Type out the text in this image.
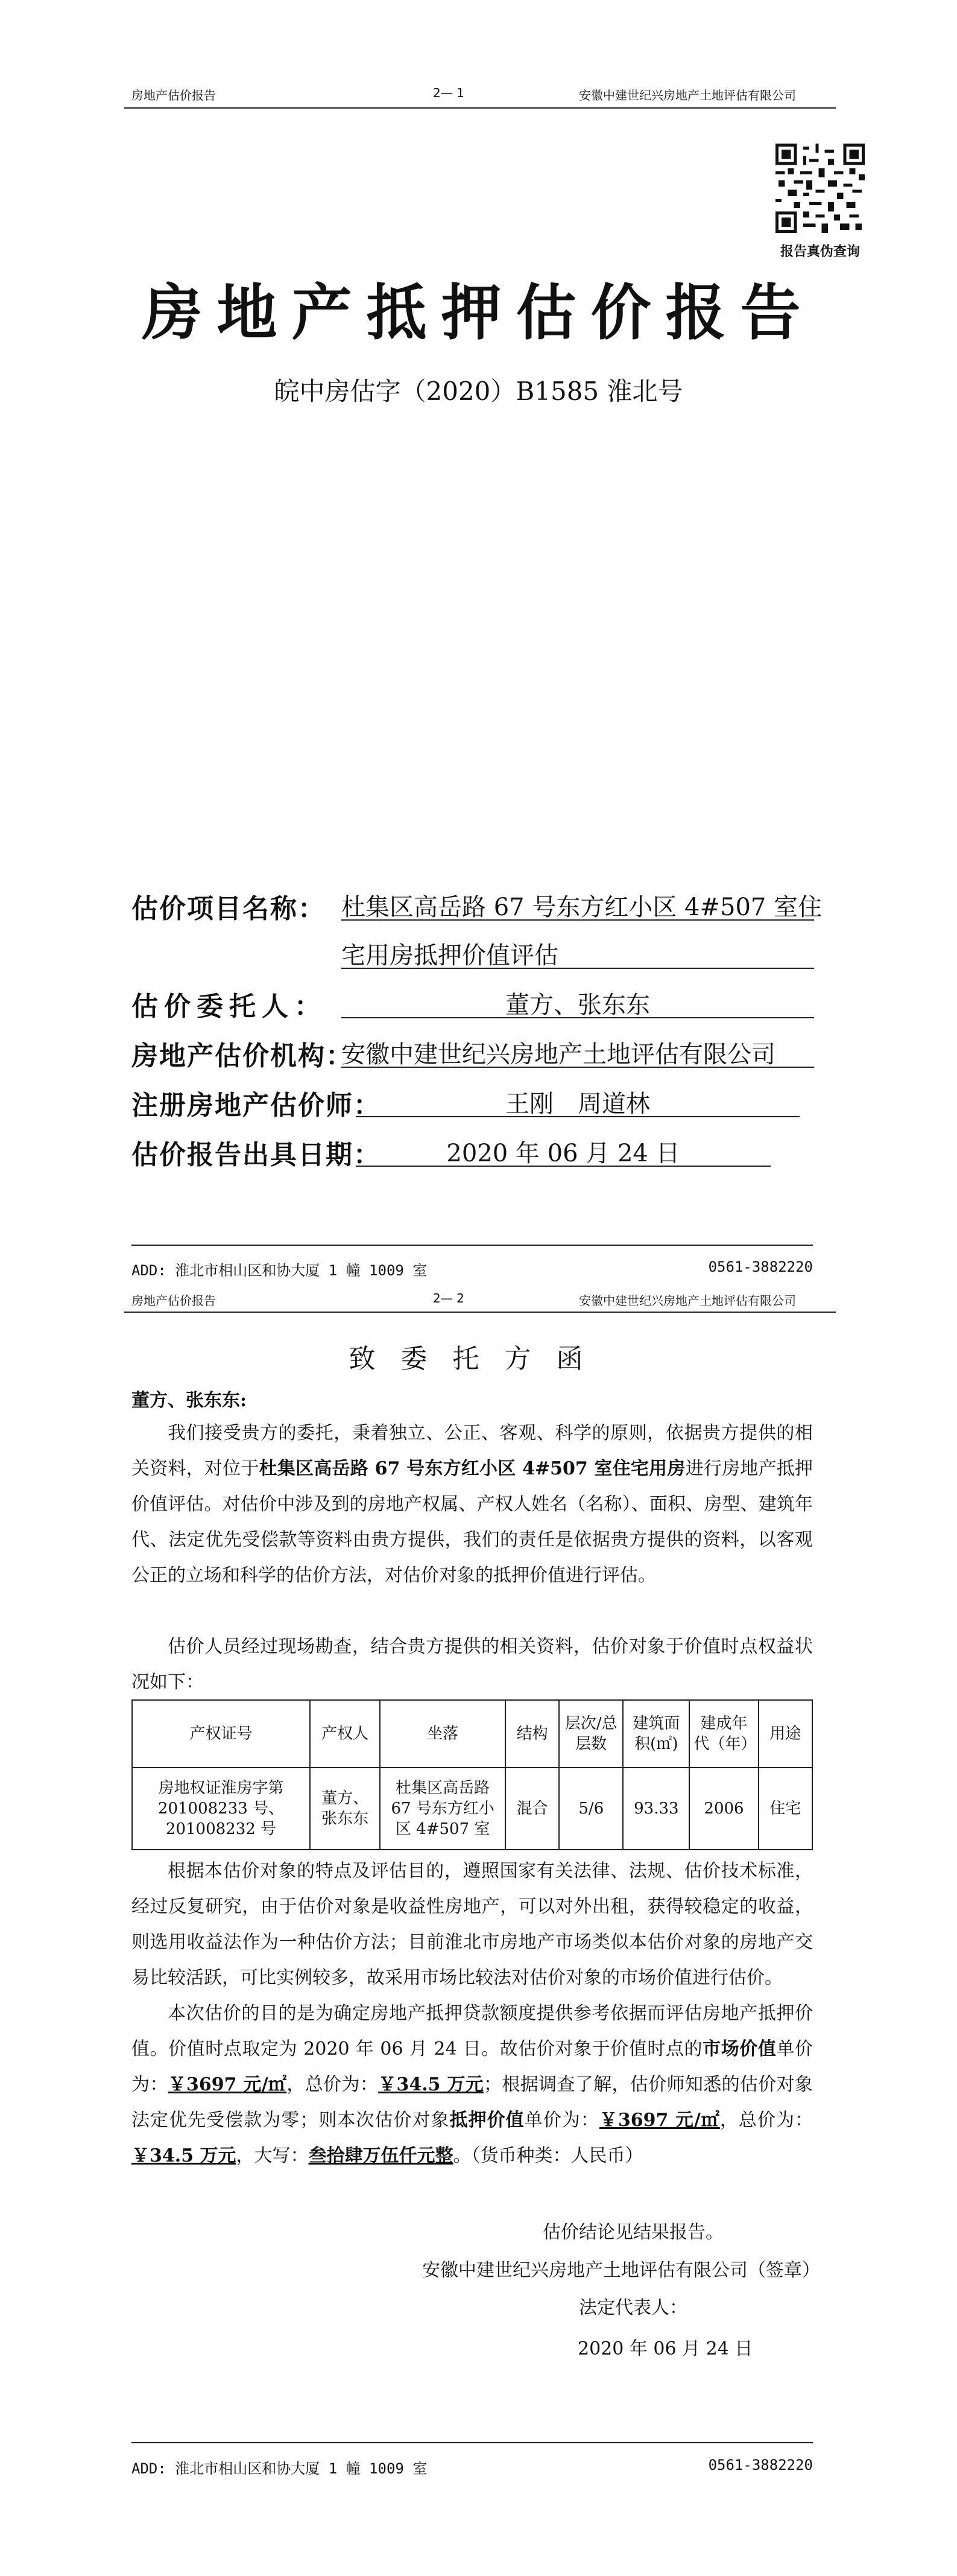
房地产估价报告	2— 1	安徽中建世纪兴房地产土地评估有限公司
报告真伪查询
房地产抵押估价报告
皖中房估字（2020）B1585 淮北号
估价项目名称： 杜集区高岳路 67 号东方红小区 4#507 室住
宅用房抵押价值评估
估价委托人：	董方、张东东
房地产估价机构：
安徽中建世纪兴房地产土地评估有限公司
注册房地产估价师：	王刚　周道林
估价报告出具日期：	2020 年 06 月 24 日
ADD: 淮北市相山区和协大厦 1 幢 1009 室	0561-3882220
房地产估价报告	2— 2	安徽中建世纪兴房地产土地评估有限公司
致委托方函
董方、张东东:
我们接受贵方的委托，秉着独立、公正、客观、科学的原则，依据贵方提供的相关资料，对位于杜集区高岳路 67 号东方红小区 4#507 室住宅用房进行房地产抵押价值评估。对估价中涉及到的房地产权属、产权人姓名（名称）、面积、房型、建筑年代、法定优先受偿款等资料由贵方提供，我们的责任是依据贵方提供的资料，以客观公正的立场和科学的估价方法，对估价对象的抵押价值进行评估。
估价人员经过现场勘查，结合贵方提供的相关资料，估价对象于价值时点权益状况如下：
产权证号	产权人	坐落	结构	层次/总层数	建筑面积(㎡)	建成年代（年）	用途
房地权证淮房字第 201008233 号、201008232 号	董方、张东东	杜集区高岳路 67 号东方红小区 4#507 室	混合	5/6	93.33	2006	住宅
根据本估价对象的特点及评估目的，遵照国家有关法律、法规、估价技术标准，经过反复研究，由于估价对象是收益性房地产，可以对外出租，获得较稳定的收益，则选用收益法作为一种估价方法；目前淮北市房地产市场类似本估价对象的房地产交易比较活跃，可比实例较多，故采用市场比较法对估价对象的市场价值进行估价。
本次估价的目的是为确定房地产抵押贷款额度提供参考依据而评估房地产抵押价值。价值时点取定为 2020 年 06 月 24 日。故估价对象于价值时点的市场价值单价为：￥3697 元/㎡，总价为：￥34.5 万元；根据调查了解，估价师知悉的估价对象法定优先受偿款为零；则本次估价对象抵押价值单价为：￥3697 元/㎡，总价为：￥34.5 万元，大写：叁拾肆万伍仟元整。（货币种类：人民币）
估价结论见结果报告。
安徽中建世纪兴房地产土地评估有限公司（签章）
法定代表人：
2020 年 06 月 24 日
ADD: 淮北市相山区和协大厦 1 幢 1009 室	0561-3882220
